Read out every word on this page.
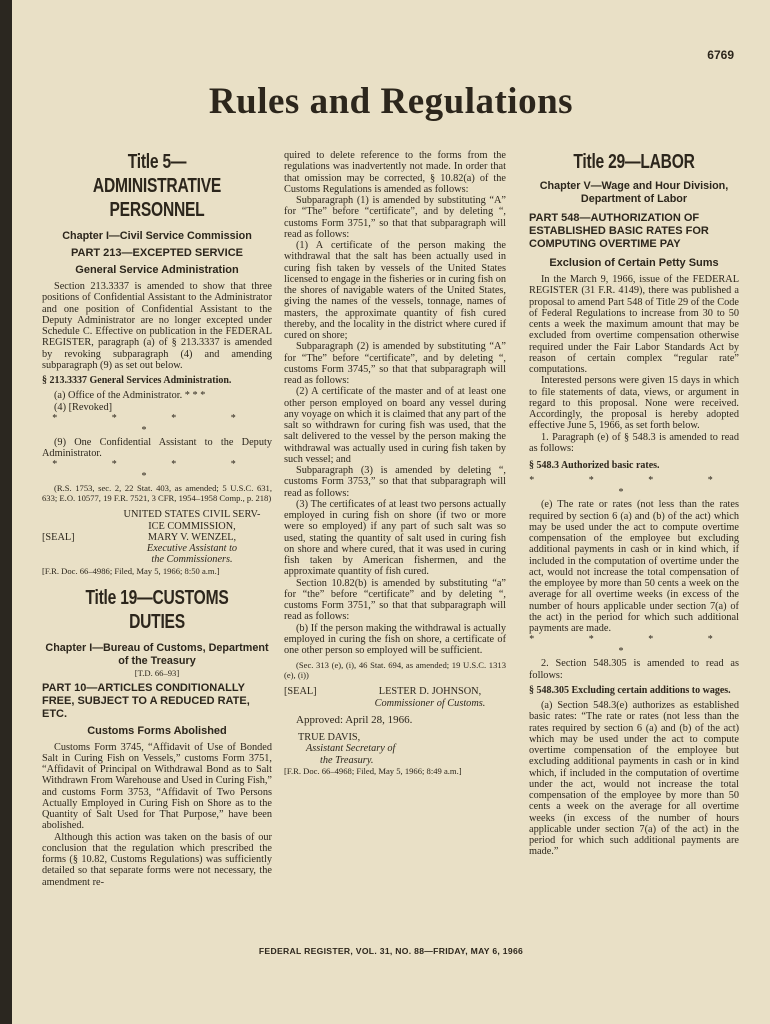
6769
Rules and Regulations
Title 5—ADMINISTRATIVE PERSONNEL
Chapter I—Civil Service Commission
PART 213—EXCEPTED SERVICE
General Service Administration

Section 213.3337 is amended to show that three positions of Confidential Assistant to the Administrator and one position of Confidential Assistant to the Deputy Administrator are no longer excepted under Schedule C. Effective on publication in the FEDERAL REGISTER, paragraph (a) of § 213.3337 is amended by revoking subparagraph (4) and amending subparagraph (9) as set out below.

§ 213.3337 General Services Administration.

(a) Office of the Administrator. * * *

(4) [Revoked]

* * * * *

(9) One Confidential Assistant to the Deputy Administrator.

* * * * *

(R.S. 1753, sec. 2, 22 Stat. 403, as amended; 5 U.S.C. 631, 633; E.O. 10577, 19 F.R. 7521, 3 CFR, 1954–1958 Comp., p. 218)

UNITED STATES CIVIL SERV-
ICE COMMISSION,
[SEAL]	MARY V. WENZEL,
Executive Assistant to
the Commissioners.

[F.R. Doc. 66–4986; Filed, May 5, 1966; 8:50 a.m.]

Title 19—CUSTOMS DUTIES
Chapter I—Bureau of Customs, Department of the Treasury
[T.D. 66–93]
PART 10—ARTICLES CONDITIONALLY FREE, SUBJECT TO A REDUCED RATE, ETC.
Customs Forms Abolished

Customs Form 3745, “Affidavit of Use of Bonded Salt in Curing Fish on Vessels,” customs Form 3751, “Affidavit of Principal on Withdrawal Bond as to Salt Withdrawn From Warehouse and Used in Curing Fish,” and customs Form 3753, “Affidavit of Two Persons Actually Employed in Curing Fish on Shore as to the Quantity of Salt Used for That Purpose,” have been abolished.

Although this action was taken on the basis of our conclusion that the regulation which prescribed the forms (§ 10.82, Customs Regulations) was sufficiently detailed so that separate forms were not necessary, the amendment re-

quired to delete reference to the forms from the regulations was inadvertently not made. In order that that omission may be corrected, § 10.82(a) of the Customs Regulations is amended as follows:

Subparagraph (1) is amended by substituting “A” for “The” before “certificate”, and by deleting “, customs Form 3751,” so that that subparagraph will read as follows:

(1) A certificate of the person making the withdrawal that the salt has been actually used in curing fish taken by vessels of the United States licensed to engage in the fisheries or in curing fish on the shores of navigable waters of the United States, giving the names of the vessels, tonnage, names of masters, the approximate quantity of fish cured thereby, and the locality in the district where cured if cured on shore;

Subparagraph (2) is amended by substituting “A” for “The” before “certificate”, and by deleting “, customs Form 3745,” so that that subparagraph will read as follows:

(2) A certificate of the master and of at least one other person employed on board any vessel during any voyage on which it is claimed that any part of the salt so withdrawn for curing fish was used, that the salt delivered to the vessel by the person making the withdrawal was actually used in curing fish taken by such vessel; and

Subparagraph (3) is amended by deleting “, customs Form 3753,” so that that subparagraph will read as follows:

(3) The certificates of at least two persons actually employed in curing fish on shore (if two or more were so employed) if any part of such salt was so used, stating the quantity of salt used in curing fish on shore and where cured, that it was used in curing fish taken by American fishermen, and the approximate quantity of fish cured.

Section 10.82(b) is amended by substituting “a” for “the” before “certificate” and by deleting “, customs Form 3751,” so that that subparagraph will read as follows:

(b) If the person making the withdrawal is actually employed in curing the fish on shore, a certificate of one other person so employed will be sufficient.

(Sec. 313 (e), (i), 46 Stat. 694, as amended; 19 U.S.C. 1313 (e), (i))

[SEAL]	LESTER D. JOHNSON,
Commissioner of Customs.

Approved: April 28, 1966.

TRUE DAVIS,
Assistant Secretary of
the Treasury.

[F.R. Doc. 66–4968; Filed, May 5, 1966; 8:49 a.m.]

Title 29—LABOR
Chapter V—Wage and Hour Division, Department of Labor
PART 548—AUTHORIZATION OF ESTABLISHED BASIC RATES FOR COMPUTING OVERTIME PAY
Exclusion of Certain Petty Sums

In the March 9, 1966, issue of the FEDERAL REGISTER (31 F.R. 4149), there was published a proposal to amend Part 548 of Title 29 of the Code of Federal Regulations to increase from 30 to 50 cents a week the maximum amount that may be excluded from overtime compensation otherwise required under the Fair Labor Standards Act by reason of certain complex “regular rate” computations.

Interested persons were given 15 days in which to file statements of data, views, or argument in regard to this proposal. None were received. Accordingly, the proposal is hereby adopted effective June 5, 1966, as set forth below.

1. Paragraph (e) of § 548.3 is amended to read as follows:

§ 548.3 Authorized basic rates.

* * * * *

(e) The rate or rates (not less than the rates required by section 6 (a) and (b) of the act) which may be used under the act to compute overtime compensation of the employee but excluding additional payments in cash or in kind which, if included in the computation of overtime under the act, would not increase the total compensation of the employee by more than 50 cents a week on the average for all overtime weeks (in excess of the number of hours applicable under section 7(a) of the act) in the period for which such additional payments are made.

* * * * *

2. Section 548.305 is amended to read as follows:

§ 548.305 Excluding certain additions to wages.

(a) Section 548.3(e) authorizes as established basic rates: “The rate or rates (not less than the rates required by section 6 (a) and (b) of the act) which may be used under the act to compute overtime compensation of the employee but excluding additional payments in cash or in kind which, if included in the computation of overtime under the act, would not increase the total compensation of the employee by more than 50 cents a week on the average for all overtime weeks (in excess of the number of hours applicable under section 7(a) of the act) in the period for which such additional payments are made.”

FEDERAL REGISTER, VOL. 31, NO. 88—FRIDAY, MAY 6, 1966
